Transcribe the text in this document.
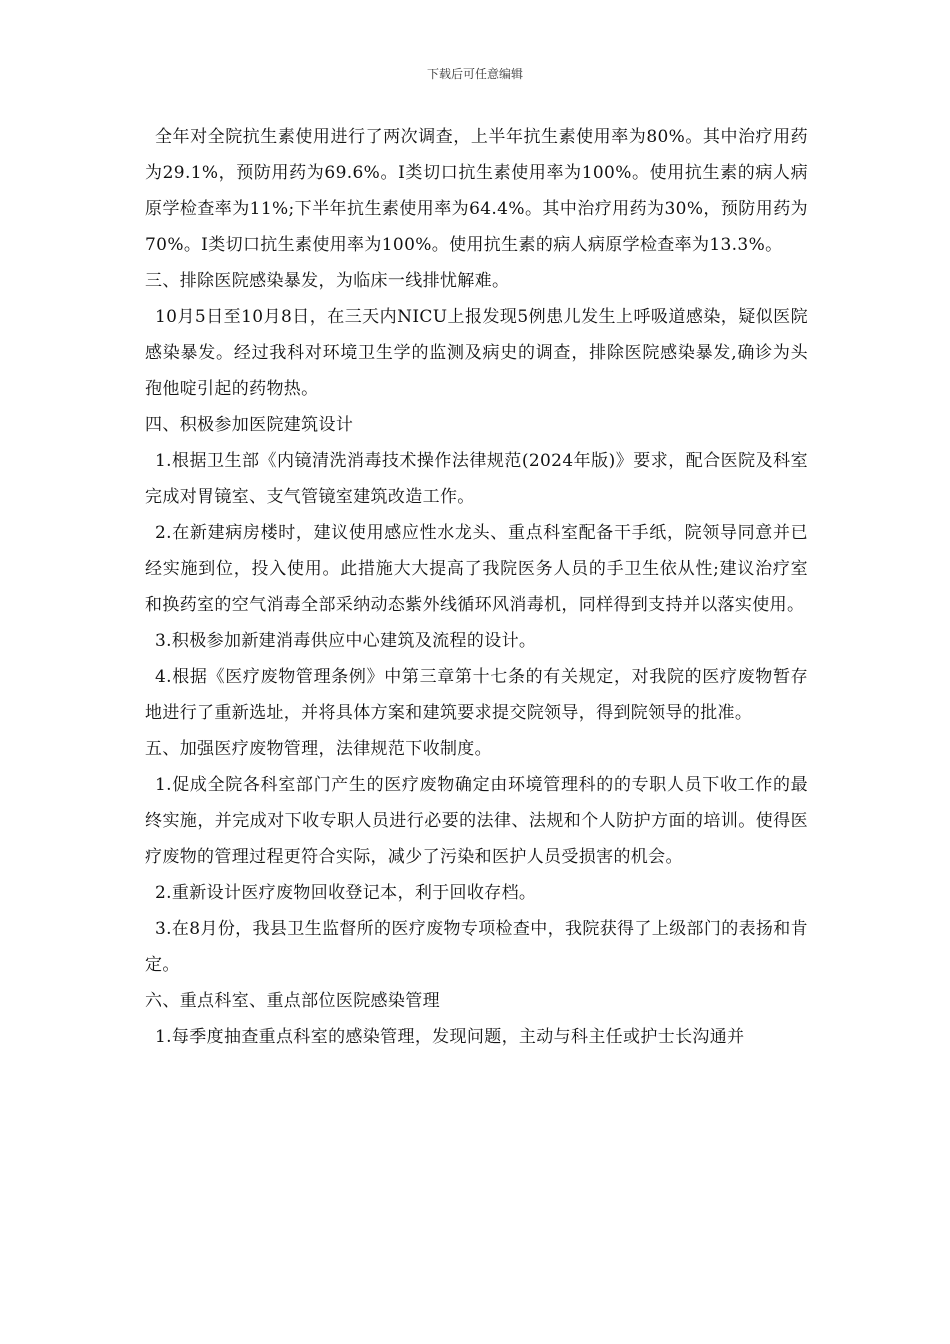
下载后可任意编辑

全年对全院抗生素使用进行了两次调查，上半年抗生素使用率为80%。其中治疗用药为29.1%，预防用药为69.6%。I类切口抗生素使用率为100%。使用抗生素的病人病原学检查率为11%;下半年抗生素使用率为64.4%。其中治疗用药为30%，预防用药为70%。I类切口抗生素使用率为100%。使用抗生素的病人病原学检查率为13.3%。

三、排除医院感染暴发，为临床一线排忧解难。

10月5日至10月8日，在三天内NICU上报发现5例患儿发生上呼吸道感染，疑似医院感染暴发。经过我科对环境卫生学的监测及病史的调查，排除医院感染暴发,确诊为头孢他啶引起的药物热。

四、积极参加医院建筑设计

1.根据卫生部《内镜清洗消毒技术操作法律规范(2024年版)》要求，配合医院及科室完成对胃镜室、支气管镜室建筑改造工作。

2.在新建病房楼时，建议使用感应性水龙头、重点科室配备干手纸，院领导同意并已经实施到位，投入使用。此措施大大提高了我院医务人员的手卫生依从性;建议治疗室和换药室的空气消毒全部采纳动态紫外线循环风消毒机，同样得到支持并以落实使用。

3.积极参加新建消毒供应中心建筑及流程的设计。

4.根据《医疗废物管理条例》中第三章第十七条的有关规定，对我院的医疗废物暂存地进行了重新选址，并将具体方案和建筑要求提交院领导，得到院领导的批准。

五、加强医疗废物管理，法律规范下收制度。

1.促成全院各科室部门产生的医疗废物确定由环境管理科的的专职人员下收工作的最终实施，并完成对下收专职人员进行必要的法律、法规和个人防护方面的培训。使得医疗废物的管理过程更符合实际，减少了污染和医护人员受损害的机会。

2.重新设计医疗废物回收登记本，利于回收存档。

3.在8月份，我县卫生监督所的医疗废物专项检查中，我院获得了上级部门的表扬和肯定。

六、重点科室、重点部位医院感染管理

1.每季度抽查重点科室的感染管理，发现问题，主动与科主任或护士长沟通并
